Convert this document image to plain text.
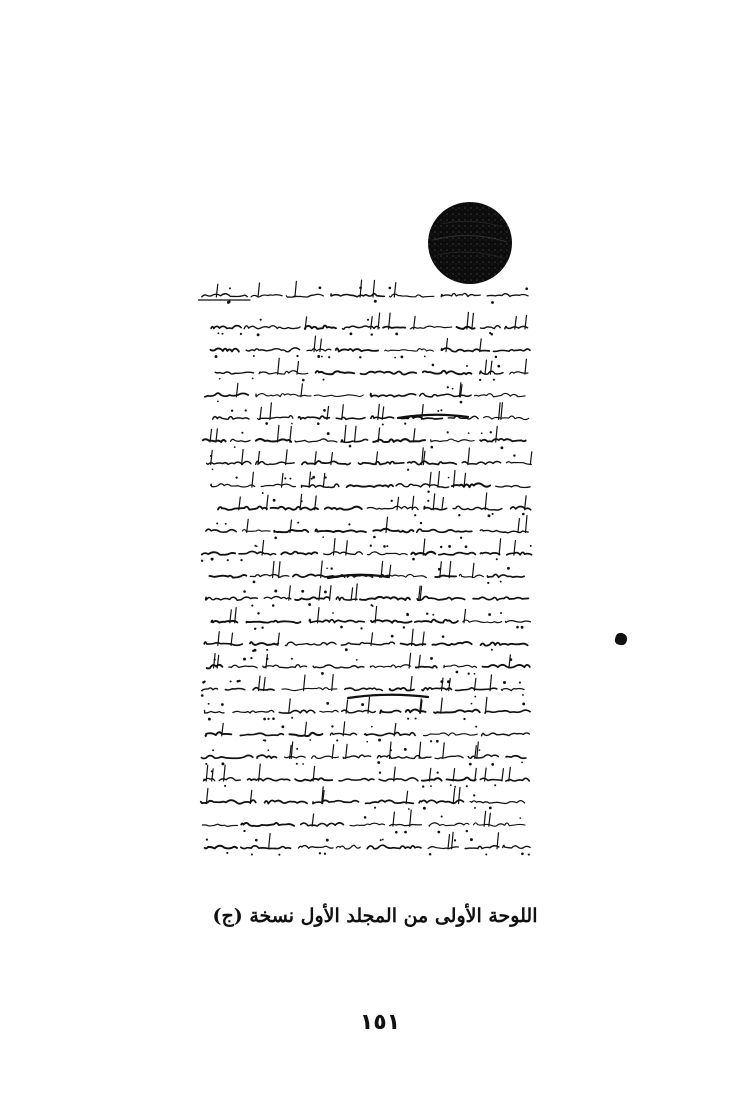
اللوحة الأولى من المجلد الأول نسخة (ج)
١٥١
